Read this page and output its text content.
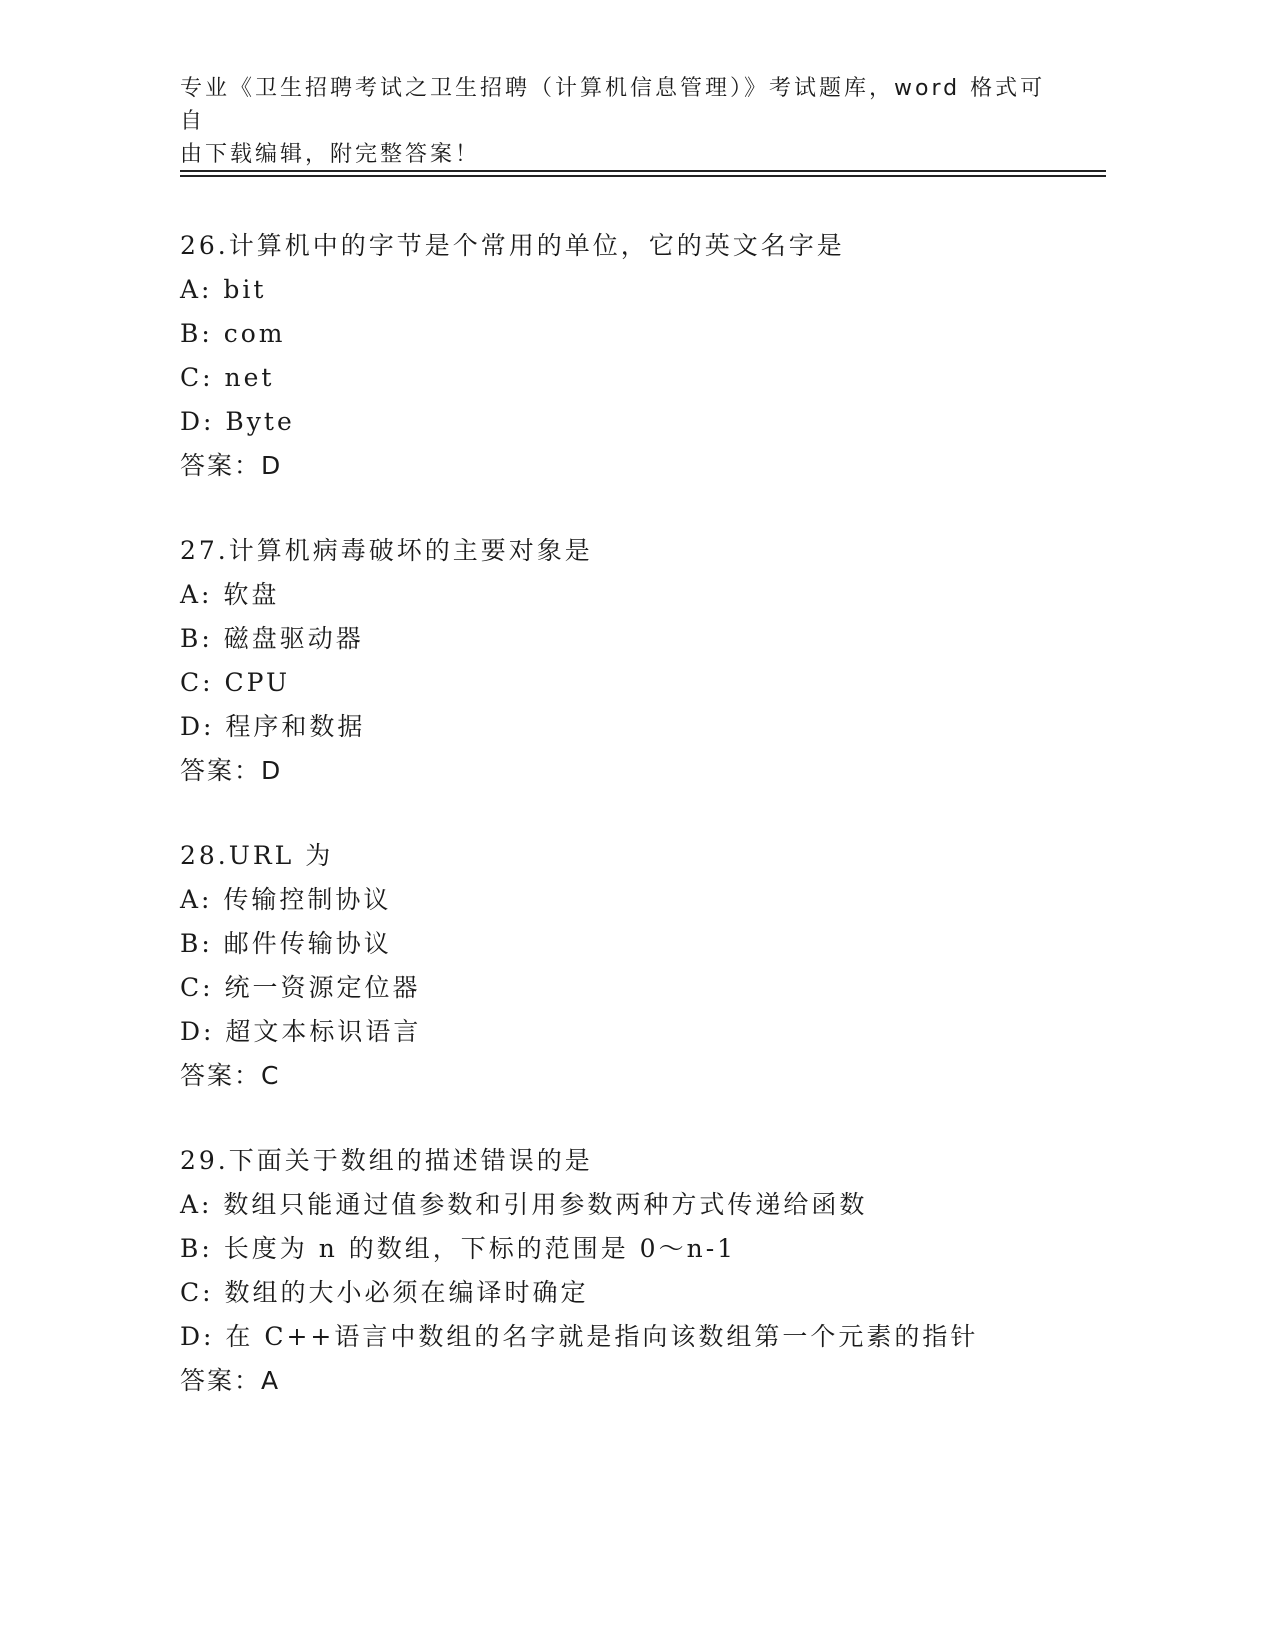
专业《卫生招聘考试之卫生招聘（计算机信息管理）》考试题库，word 格式可自
由下载编辑，附完整答案！
26.计算机中的字节是个常用的单位，它的英文名字是
A: bit
B: com
C: net
D: Byte
答案：D
27.计算机病毒破坏的主要对象是
A: 软盘
B: 磁盘驱动器
C: CPU
D: 程序和数据
答案：D
28.URL 为
A: 传输控制协议
B: 邮件传输协议
C: 统一资源定位器
D: 超文本标识语言
答案：C
29.下面关于数组的描述错误的是
A: 数组只能通过值参数和引用参数两种方式传递给函数
B: 长度为 n 的数组，下标的范围是 0～n-1
C: 数组的大小必须在编译时确定
D: 在 C++语言中数组的名字就是指向该数组第一个元素的指针
答案：A
